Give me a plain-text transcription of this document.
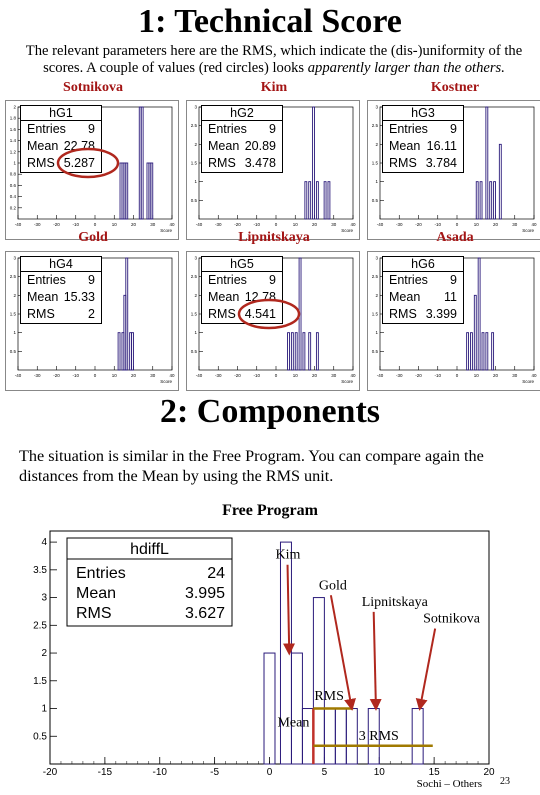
1: Technical Score
The relevant parameters here are the RMS, which indicate the (dis-)uniformity of the scores. A couple of values (red circles) looks apparently larger than the others.
Sotnikova
-40	-30	-20	-10	0	10	20	30	40
0.2
0.4
0.6
0.8
1
1.2
1.4
1.6
1.8
2
Score
hG1
Entries 9
Mean 22.78
RMS 5.287
Kim
-40	-30	-20	-10	0	10	20	30	40
0.5
1
1.5
2
2.5
3
Score
hG2
Entries 9
Mean 20.89
RMS 3.478
Kostner
-40	-30	-20	-10	0	10	20	30	40
0.5
1
1.5
2
2.5
3
Score
hG3
Entries 9
Mean 16.11
RMS 3.784
Gold
-40	-30	-20	-10	0	10	20	30	40
0.5
1
1.5
2
2.5
3
Score
hG4
Entries 9
Mean 15.33
RMS	2
Lipnitskaya
-40	-30	-20	-10	0	10	20	30	40
0.5
1
1.5
2
2.5
3
Score
hG5
Entries 9
Mean 12.78
RMS 4.541
Asada
-40	-30	-20	-10	0	10	20	30	40
0.5
1
1.5
2
2.5
3
Score
hG6
Entries 9
Mean 11
RMS 3.399
2: Components
The situation is similar in the Free Program. You can compare again the distances from the Mean by using the RMS unit.
Free Program
-20	-15	-10	-5	0	5	10	15	20
0.5
1
1.5
2
2.5
3
3.5
4
Sochi – Others
hdiffL
Entries	24
Mean	3.995
RMS	3.627
Mean
RMS
3 RMS
Kim
Gold
Lipnitskaya
Sotnikova
23
